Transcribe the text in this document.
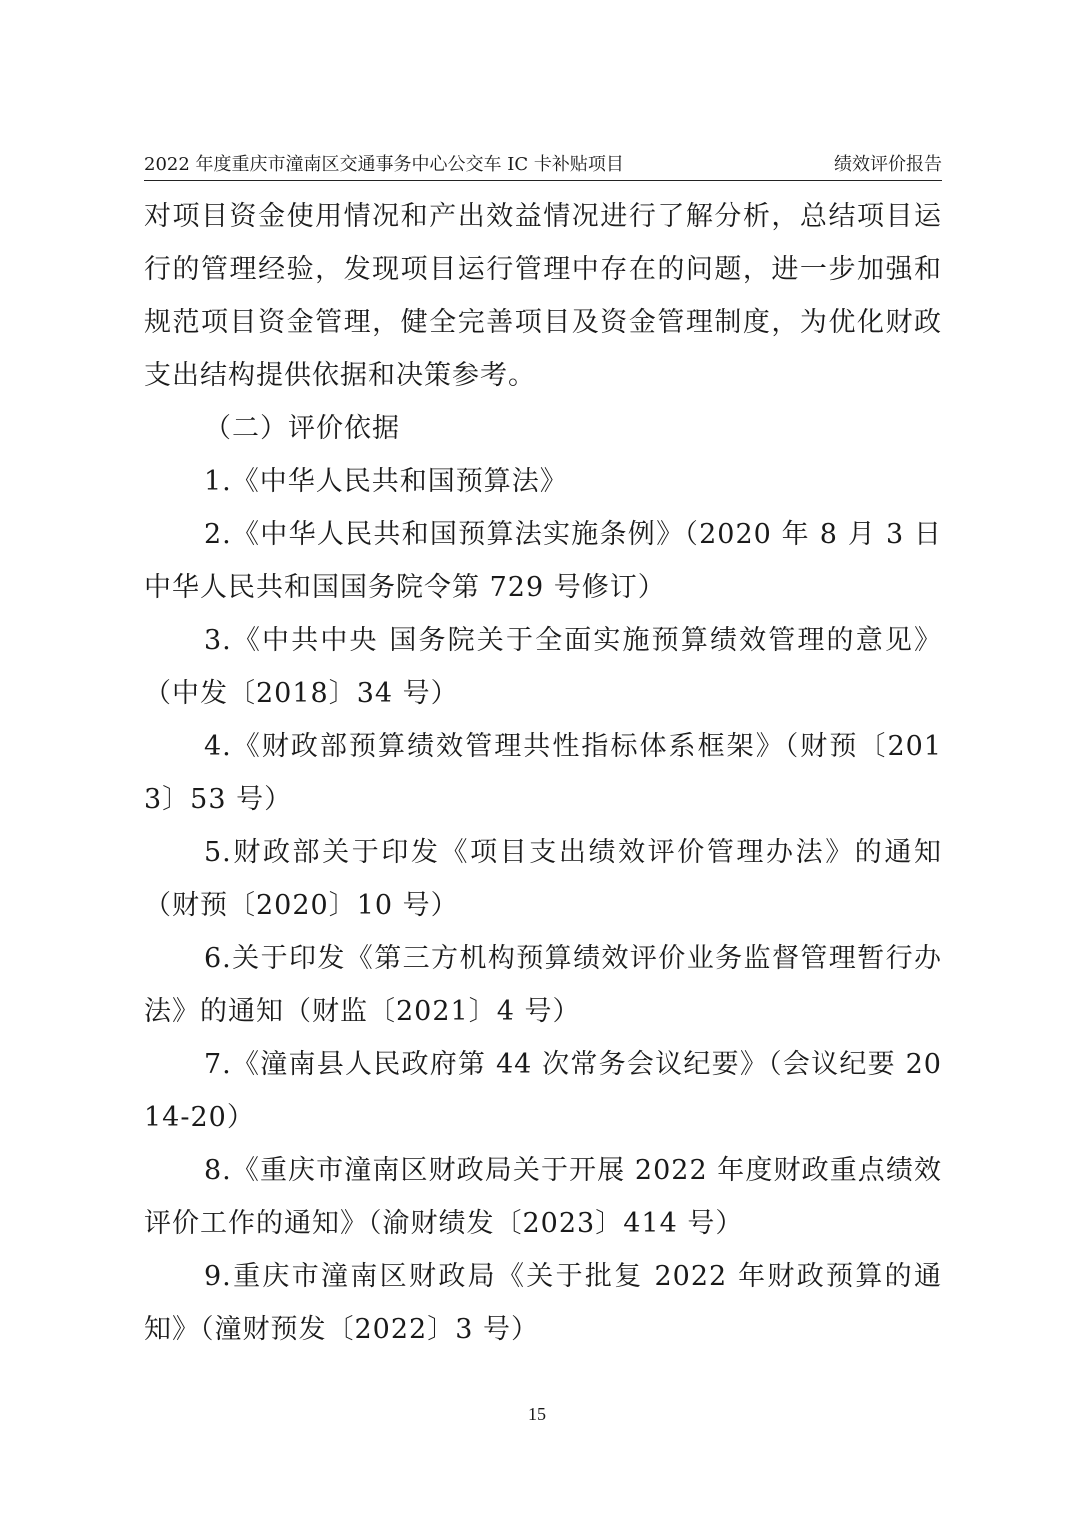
2022 年度重庆市潼南区交通事务中心公交车 IC 卡补贴项目	绩效评价报告

对项目资金使用情况和产出效益情况进行了解分析，总结项目运行的管理经验，发现项目运行管理中存在的问题，进一步加强和规范项目资金管理，健全完善项目及资金管理制度，为优化财政支出结构提供依据和决策参考。

（二）评价依据

1.《中华人民共和国预算法》

2.《中华人民共和国预算法实施条例》（2020 年 8 月 3 日中华人民共和国国务院令第 729 号修订）

3.《中共中央 国务院关于全面实施预算绩效管理的意见》（中发〔2018〕34 号）

4.《财政部预算绩效管理共性指标体系框架》（财预〔2013〕53 号）

5.财政部关于印发《项目支出绩效评价管理办法》的通知（财预〔2020〕10 号）

6.关于印发《第三方机构预算绩效评价业务监督管理暂行办法》的通知（财监〔2021〕4 号）

7.《潼南县人民政府第 44 次常务会议纪要》（会议纪要 2014-20）

8.《重庆市潼南区财政局关于开展 2022 年度财政重点绩效评价工作的通知》（渝财绩发〔2023〕414 号）

9.重庆市潼南区财政局《关于批复 2022 年财政预算的通知》（潼财预发〔2022〕3 号）

15
